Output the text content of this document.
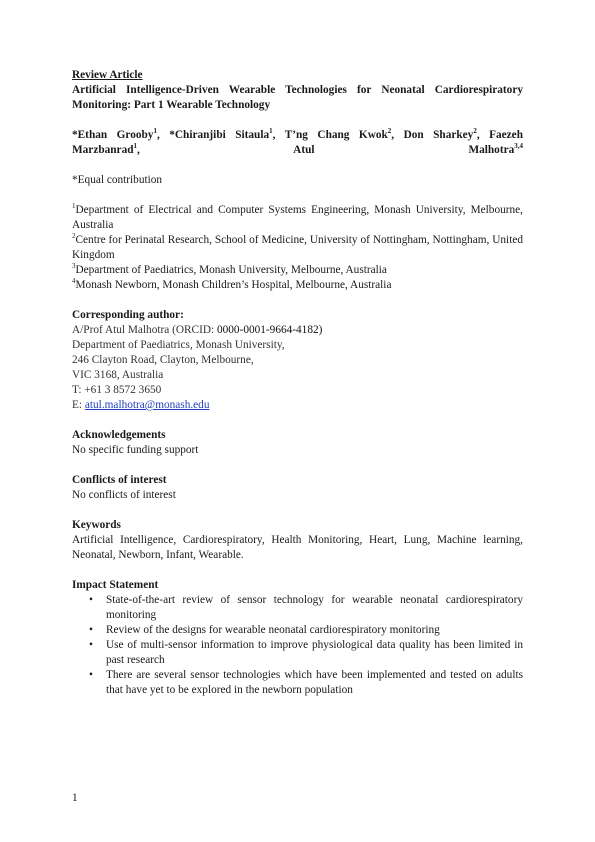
Review Article
Artificial Intelligence-Driven Wearable Technologies for Neonatal Cardiorespiratory Monitoring: Part 1 Wearable Technology
*Ethan Grooby$^1$, *Chiranjibi Sitaula$^1$, T’ng Chang Kwok$^2$, Don Sharkey$^2$, Faezeh Marzbanrad$^1$, Atul Malhotra$^{3,4}$
*Equal contribution
$^1$Department of Electrical and Computer Systems Engineering, Monash University, Melbourne, Australia
$^2$Centre for Perinatal Research, School of Medicine, University of Nottingham, Nottingham, United Kingdom
$^3$Department of Paediatrics, Monash University, Melbourne, Australia
$^4$Monash Newborn, Monash Children’s Hospital, Melbourne, Australia
Corresponding author:
A/Prof Atul Malhotra (ORCID: 0000-0001-9664-4182)
Department of Paediatrics, Monash University,
246 Clayton Road, Clayton, Melbourne,
VIC 3168, Australia
T: +61 3 8572 3650
E: atul.malhotra@monash.edu
Acknowledgements
No specific funding support
Conflicts of interest
No conflicts of interest
Keywords
Artificial Intelligence, Cardiorespiratory, Health Monitoring, Heart, Lung, Machine learning, Neonatal, Newborn, Infant, Wearable.
Impact Statement
• State-of-the-art review of sensor technology for wearable neonatal cardiorespiratory monitoring
• Review of the designs for wearable neonatal cardiorespiratory monitoring
• Use of multi-sensor information to improve physiological data quality has been limited in past research
• There are several sensor technologies which have been implemented and tested on adults that have yet to be explored in the newborn population
1
